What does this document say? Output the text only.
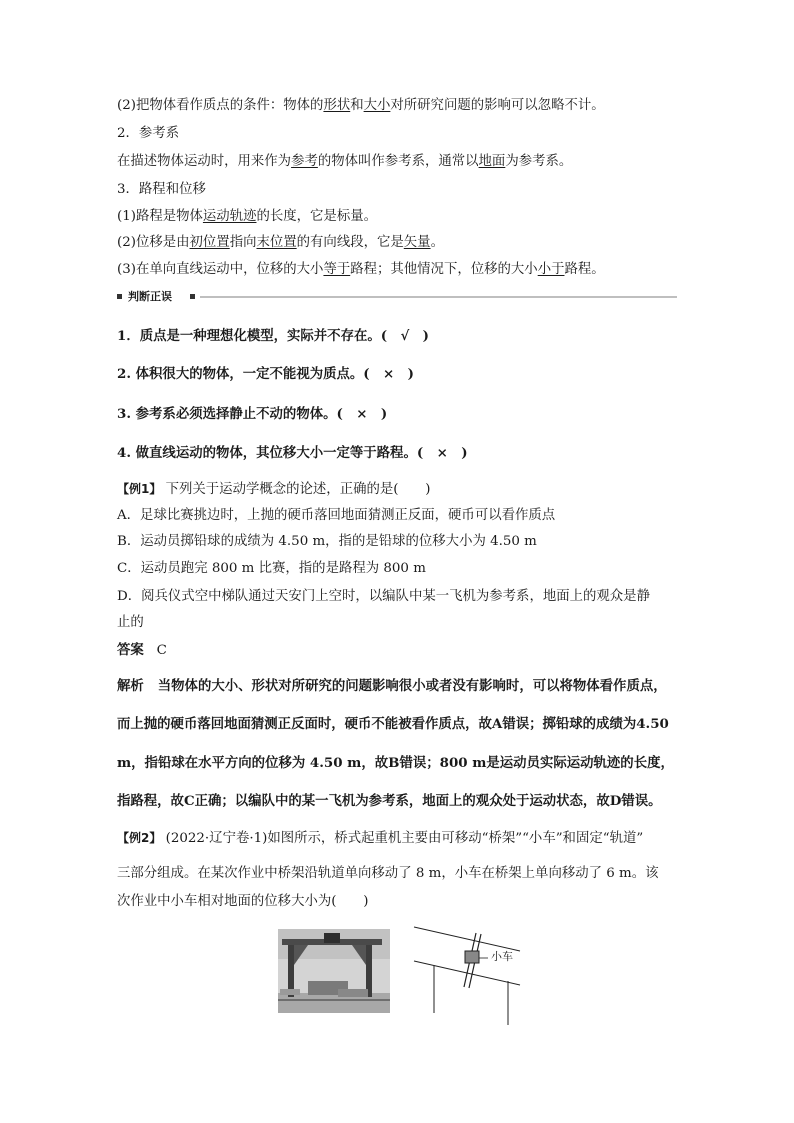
(2)把物体看作质点的条件：物体的形状和大小对所研究问题的影响可以忽略不计。
2．参考系
在描述物体运动时，用来作为参考的物体叫作参考系，通常以地面为参考系。
3．路程和位移
(1)路程是物体运动轨迹的长度，它是标量。
(2)位移是由初位置指向末位置的有向线段，它是矢量。
(3)在单向直线运动中，位移的大小等于路程；其他情况下，位移的大小小于路程。
判断正误
1．质点是一种理想化模型，实际并不存在。(　√　)
2. 体积很大的物体，一定不能视为质点。(　×　)
3. 参考系必须选择静止不动的物体。(　×　)
4. 做直线运动的物体，其位移大小一定等于路程。(　×　)
【例1】 下列关于运动学概念的论述，正确的是(　　)
A．足球比赛挑边时，上抛的硬币落回地面猜测正反面，硬币可以看作质点
B．运动员掷铅球的成绩为 4.50 m，指的是铅球的位移大小为 4.50 m
C．运动员跑完 800 m 比赛，指的是路程为 800 m
D．阅兵仪式空中梯队通过天安门上空时，以编队中某一飞机为参考系，地面上的观众是静
止的
答案 C
解析 当物体的大小、形状对所研究的问题影响很小或者没有影响时，可以将物体看作质点，
而上抛的硬币落回地面猜测正反面时，硬币不能被看作质点，故A错误；掷铅球的成绩为4.50
m，指铅球在水平方向的位移为 4.50 m，故B错误；800 m是运动员实际运动轨迹的长度，
指路程，故C正确；以编队中的某一飞机为参考系，地面上的观众处于运动状态，故D错误。
【例2】 (2022·辽宁卷·1)如图所示，桥式起重机主要由可移动“桥架”“小车”和固定“轨道”
三部分组成。在某次作业中桥架沿轨道单向移动了 8 m，小车在桥架上单向移动了 6 m。该
次作业中小车相对地面的位移大小为(　　)
小车
